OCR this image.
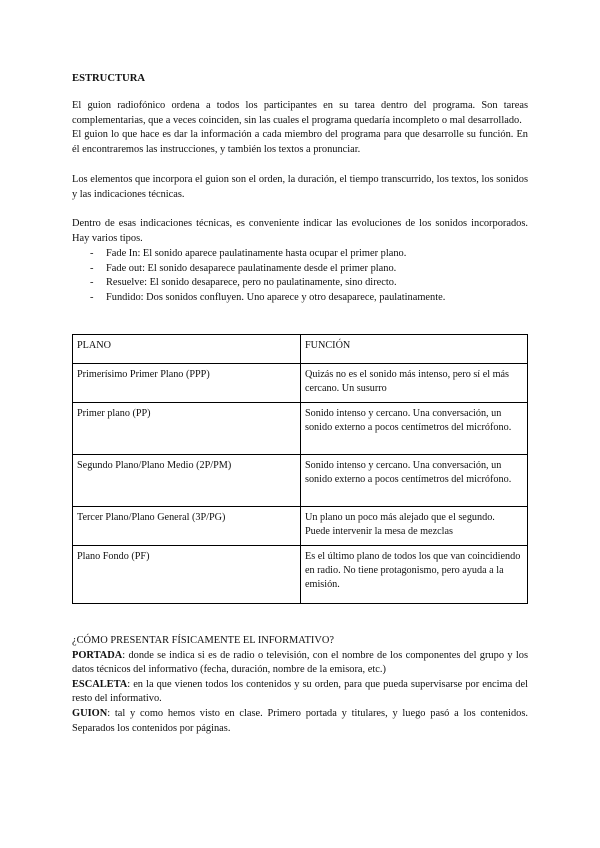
ESTRUCTURA

El guion radiofónico ordena a todos los participantes en su tarea dentro del programa. Son tareas complementarias, que a veces coinciden, sin las cuales el programa quedaría incompleto o mal desarrollado.

El guion lo que hace es dar la información a cada miembro del programa para que desarrolle su función. En él encontraremos las instrucciones, y también los textos a pronunciar.

Los elementos que incorpora el guion son el orden, la duración, el tiempo transcurrido, los textos, los sonidos y las indicaciones técnicas.

Dentro de esas indicaciones técnicas, es conveniente indicar las evoluciones de los sonidos incorporados. Hay varios tipos.

- Fade In: El sonido aparece paulatinamente hasta ocupar el primer plano.
- Fade out: El sonido desaparece paulatinamente desde el primer plano.
- Resuelve: El sonido desaparece, pero no paulatinamente, sino directo.
- Fundido: Dos sonidos confluyen. Uno aparece y otro desaparece, paulatinamente.
PLANO	FUNCIÓN
Primerísimo Primer Plano (PPP)	Quizás no es el sonido más intenso, pero sí el más cercano. Un susurro
Primer plano (PP)	Sonido intenso y cercano. Una conversación, un sonido externo a pocos centímetros del micrófono.
Segundo Plano/Plano Medio (2P/PM)	Sonido intenso y cercano. Una conversación, un sonido externo a pocos centímetros del micrófono.
Tercer Plano/Plano General (3P/PG)	Un plano un poco más alejado que el segundo. Puede intervenir la mesa de mezclas
Plano Fondo (PF)	Es el último plano de todos los que van coincidiendo en radio. No tiene protagonismo, pero ayuda a la emisión.

¿CÓMO PRESENTAR FÍSICAMENTE EL INFORMATIVO?

PORTADA: donde se indica si es de radio o televisión, con el nombre de los componentes del grupo y los datos técnicos del informativo (fecha, duración, nombre de la emisora, etc.)

ESCALETA: en la que vienen todos los contenidos y su orden, para que pueda supervisarse por encima del resto del informativo.

GUION: tal y como hemos visto en clase. Primero portada y titulares, y luego pasó a los contenidos. Separados los contenidos por páginas.
